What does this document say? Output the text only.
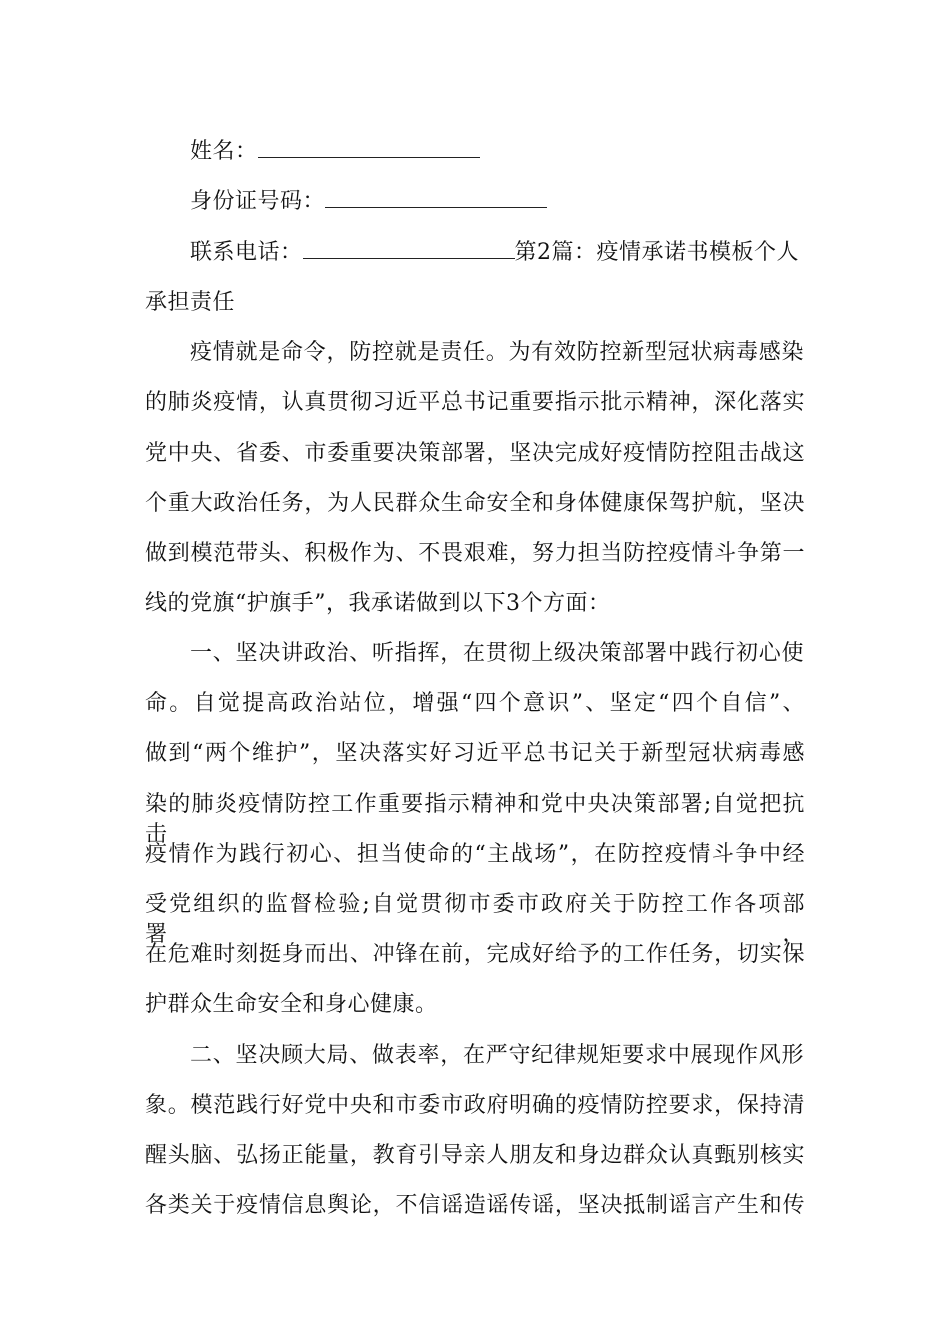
姓名：
身份证号码：
联系电话：	第2篇：疫情承诺书模板个人
承担责任
疫情就是命令，防控就是责任。为有效防控新型冠状病毒感染
的肺炎疫情，认真贯彻习近平总书记重要指示批示精神，深化落实
党中央、省委、市委重要决策部署，坚决完成好疫情防控阻击战这
个重大政治任务，为人民群众生命安全和身体健康保驾护航，坚决
做到模范带头、积极作为、不畏艰难，努力担当防控疫情斗争第一
线的党旗“护旗手”，我承诺做到以下3个方面：
一、坚决讲政治、听指挥，在贯彻上级决策部署中践行初心使
命。自觉提高政治站位，增强“四个意识”、坚定“四个自信”、
做到“两个维护”，坚决落实好习近平总书记关于新型冠状病毒感
染的肺炎疫情防控工作重要指示精神和党中央决策部署;自觉把抗击
疫情作为践行初心、担当使命的“主战场”，在防控疫情斗争中经
受党组织的监督检验;自觉贯彻市委市政府关于防控工作各项部署，
在危难时刻挺身而出、冲锋在前，完成好给予的工作任务，切实保
护群众生命安全和身心健康。
二、坚决顾大局、做表率，在严守纪律规矩要求中展现作风形
象。模范践行好党中央和市委市政府明确的疫情防控要求，保持清
醒头脑、弘扬正能量，教育引导亲人朋友和身边群众认真甄别核实
各类关于疫情信息舆论，不信谣造谣传谣，坚决抵制谣言产生和传
